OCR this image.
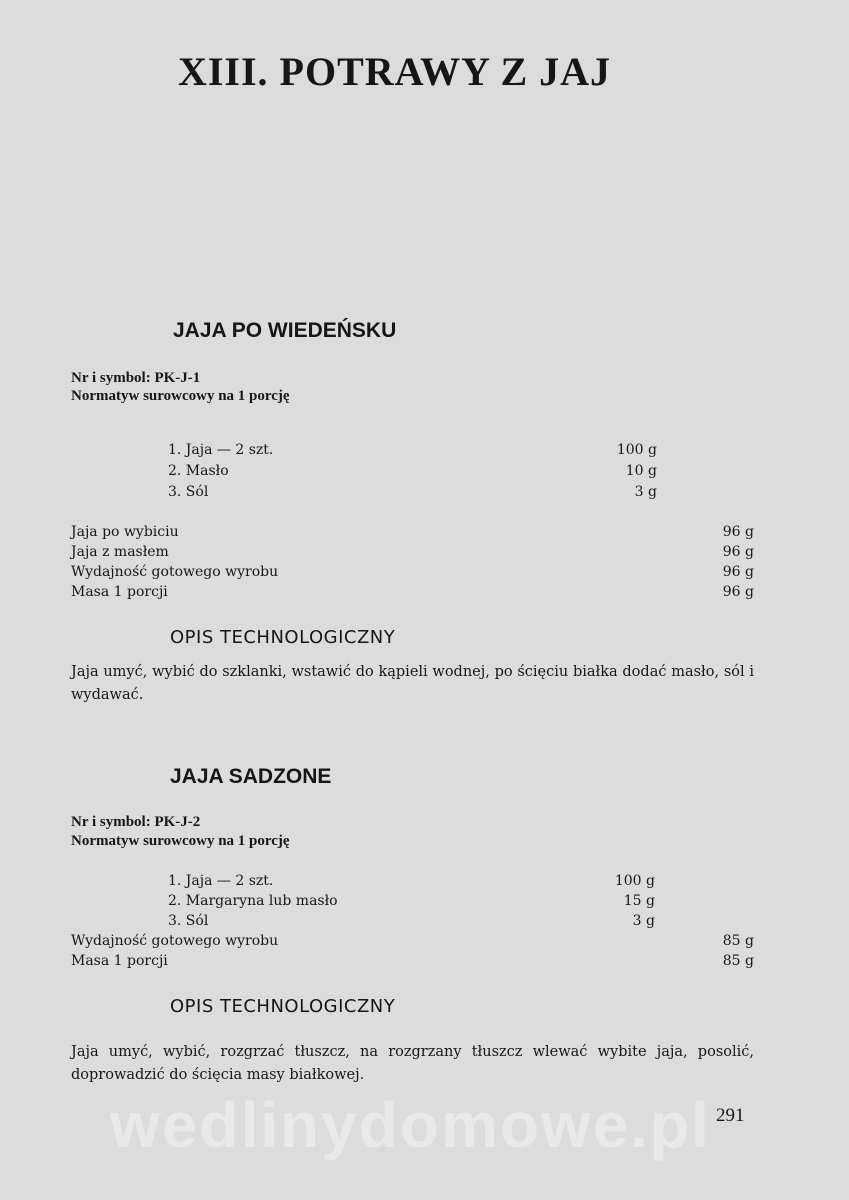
wedlinydomowe.pl
XIII. POTRAWY Z JAJ
JAJA PO WIEDEŃSKU
Nr i symbol: PK-J-1
Normatyw surowcowy na 1 porcję
1. Jaja — 2 szt.	100 g
2. Masło	10 g
3. Sól	3 g
Jaja po wybiciu	96 g
Jaja z masłem	96 g
Wydajność gotowego wyrobu	96 g
Masa 1 porcji	96 g
OPIS TECHNOLOGICZNY

Jaja umyć, wybić do szklanki, wstawić do kąpieli wodnej, po ścięciu białka dodać masło, sól i wydawać.

JAJA SADZONE
Nr i symbol: PK-J-2
Normatyw surowcowy na 1 porcję
1. Jaja — 2 szt.	100 g
2. Margaryna lub masło	15 g
3. Sól	3 g
Wydajność gotowego wyrobu	85 g
Masa 1 porcji	85 g
OPIS TECHNOLOGICZNY

Jaja umyć, wybić, rozgrzać tłuszcz, na rozgrzany tłuszcz wlewać wybite jaja, posolić, doprowadzić do ścięcia masy białkowej.

291
